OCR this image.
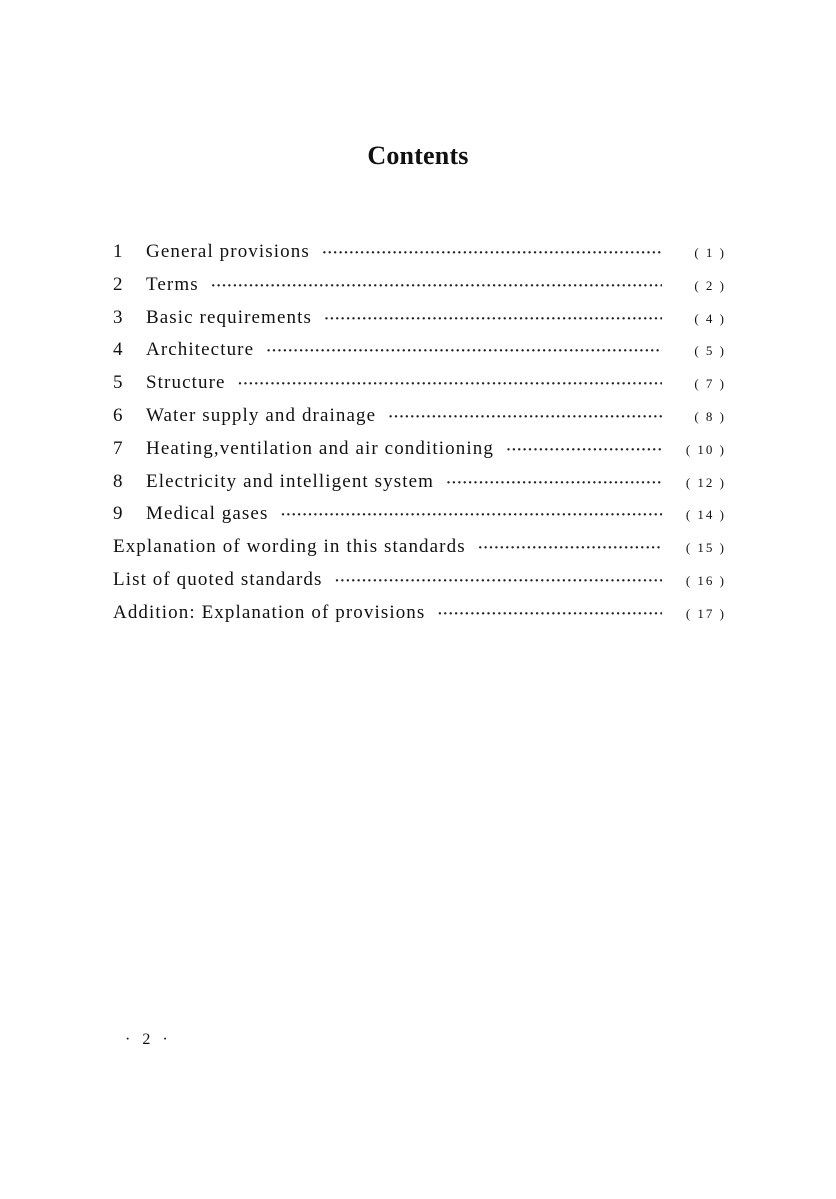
Contents
1	General provisions ·····	( 1 )
2	Terms ·····	( 2 )
3	Basic requirements ·····	( 4 )
4	Architecture ·····	( 5 )
5	Structure ·····	( 7 )
6	Water supply and drainage ·····	( 8 )
7	Heating,ventilation and air conditioning ·····	( 10 )
8	Electricity and intelligent system ·····	( 12 )
9	Medical gases ·····	( 14 )
Explanation of wording in this standards ·····	( 15 )
List of quoted standards ·····	( 16 )
Addition: Explanation of provisions ·····	( 17 )
· 2 ·
